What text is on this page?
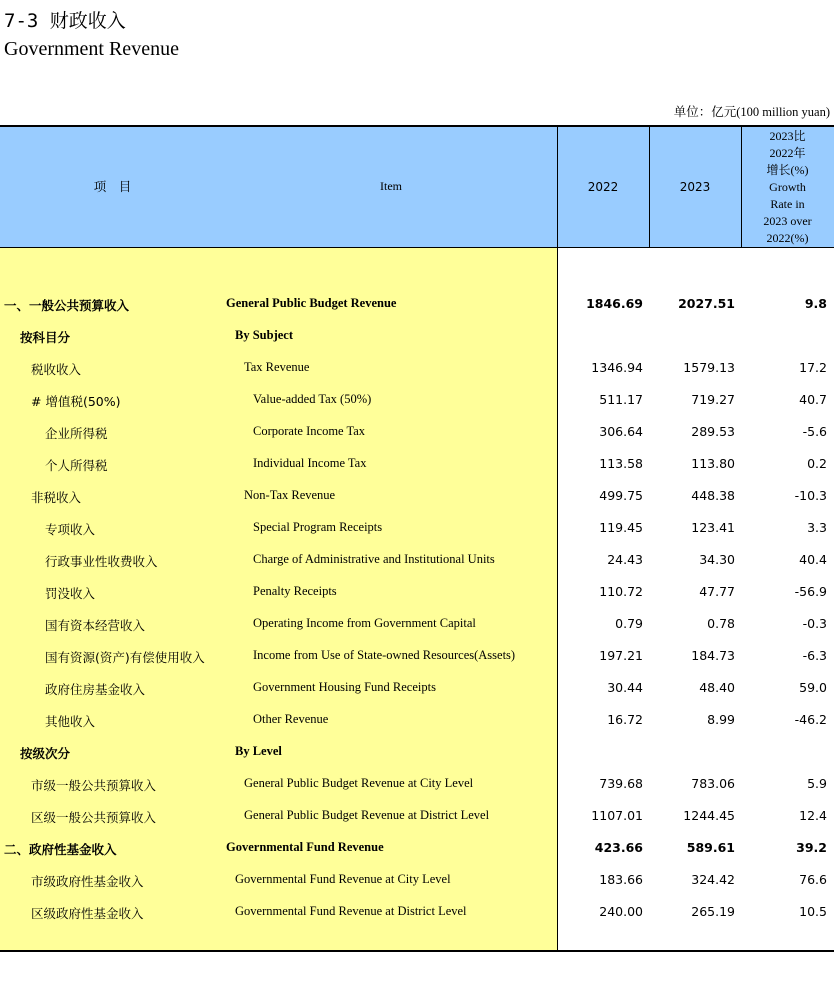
7-3 财政收入
Government Revenue
单位：亿元(100 million yuan)
项　目	Item	2022	2023
2023比
2022年
增长(%)
Growth
Rate in
2023 over
2022(%)
一、一般公共预算收入	General Public Budget Revenue	1846.69	2027.51	9.8
按科目分	By Subject
税收收入	Tax Revenue	1346.94	1579.13	17.2
# 增值税(50%)	Value-added Tax (50%)	511.17	719.27	40.7
企业所得税	Corporate Income Tax	306.64	289.53	-5.6
个人所得税	Individual Income Tax	113.58	113.80	0.2
非税收入	Non-Tax Revenue	499.75	448.38	-10.3
专项收入	Special Program Receipts	119.45	123.41	3.3
行政事业性收费收入	Charge of Administrative and Institutional Units	24.43	34.30	40.4
罚没收入	Penalty Receipts	110.72	47.77	-56.9
国有资本经营收入	Operating Income from Government Capital	0.79	0.78	-0.3
国有资源(资产)有偿使用收入	Income from Use of State-owned Resources(Assets)	197.21	184.73	-6.3
政府住房基金收入	Government Housing Fund Receipts	30.44	48.40	59.0
其他收入	Other Revenue	16.72	8.99	-46.2
按级次分	By Level
市级一般公共预算收入	General Public Budget Revenue at City Level	739.68	783.06	5.9
区级一般公共预算收入	General Public Budget Revenue at District Level	1107.01	1244.45	12.4
二、政府性基金收入	Governmental Fund Revenue	423.66	589.61	39.2
市级政府性基金收入	Governmental Fund Revenue at City Level	183.66	324.42	76.6
区级政府性基金收入	Governmental Fund Revenue at District Level	240.00	265.19	10.5
